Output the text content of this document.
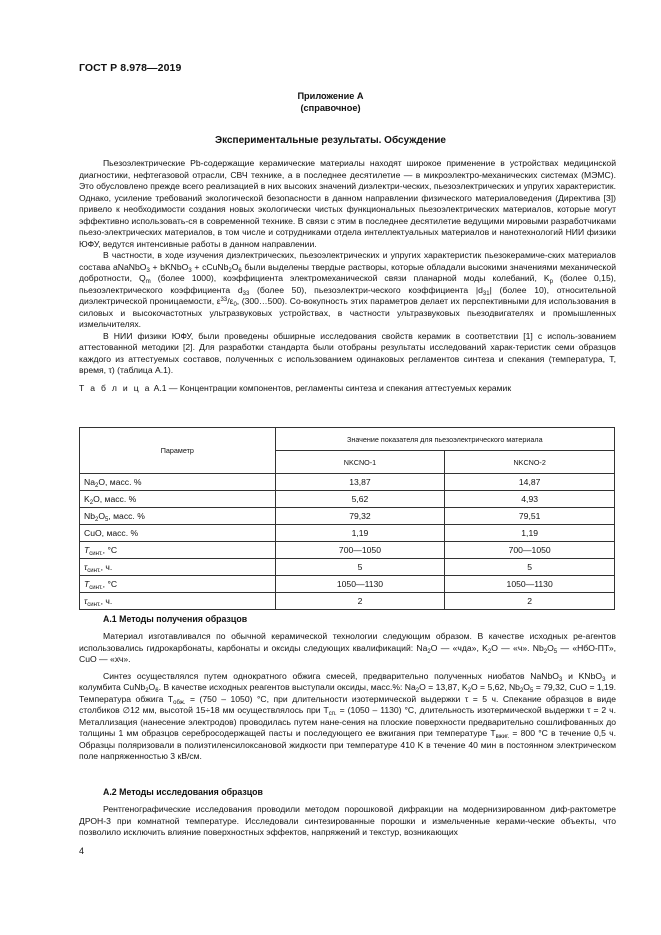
ГОСТ Р 8.978—2019
Приложение А
(справочное)
Экспериментальные результаты. Обсуждение

Пьезоэлектрические Pb-содержащие керамические материалы находят широкое применение в устройствах медицинской диагностики, нефтегазовой отрасли, СВЧ технике, а в последнее десятилетие — в микроэлектро-механических системах (МЭМС). Это обусловлено прежде всего реализацией в них высоких значений диэлектри-ческих, пьезоэлектрических и упругих характеристик. Однако, усиление требований экологической безопасности в данном направлении физического материаловедения (Директива [3]) привело к необходимости создания новых экологически чистых функциональных пьезоэлектрических материалов, которые могут эффективно использовать-ся в современной технике. В связи с этим в последнее десятилетие ведущими мировыми разработчиками пьезо-электрических материалов, в том числе и сотрудниками отдела интеллектуальных материалов и нанотехнологий НИИ физики ЮФУ, ведутся интенсивные работы в данном направлении.

В частности, в ходе изучения диэлектрических, пьезоэлектрических и упругих характеристик пьезокерамиче-ских материалов состава aNaNbO$_3$ + bKNbO$_3$ + $cCuNb_2O_6$ были выделены твердые растворы, которые обладали высокими значениями механической добротности, $Q_m$ (более 1000), коэффициента электромеханической связи планарной моды колебаний, $K_p$ (более 0,15), пьезоэлектрического коэффициента $d_{33}$ (более 50), пьезоэлектри-ческого коэффициента $|d_{31}|$ (более 10), относительной диэлектрической проницаемости, $\varepsilon^{33}/\varepsilon_0$, (300…500). Со-вокупность этих параметров делает их перспективными для использования в силовых и высокочастотных ультразвуковых устройствах, в частности ультразвуковых пьезодвигателях и промышленных измельчителях.

В НИИ физики ЮФУ, были проведены обширные исследования свойств керамик в соответствии [1] с исполь-зованием аттестованной методики [2]. Для разработки стандарта были отобраны результаты исследований харак-теристик семи образцов каждого из аттестуемых составов, полученных с использованием одинаковых регламентов синтеза и спекания (температура, T, время, τ) (таблица А.1).

Т а б л и ц а А.1 — Концентрации компонентов, регламенты синтеза и спекания аттестуемых керамик
Параметр	Значение показателя для пьезоэлектрического материала	
	NKCNO-1	NKCNO-2
$Na_2O$, масс. %	13,87	14,87
$K_2O$, масс. %	5,62	4,93
$Nb_2O_5$, масс. %	79,32	79,51
CuO, масс. %	1,19	1,19
$T_{синт.}$, °С	700—1050	700—1050
$\tau_{синт.}$, ч.	5	5
$T_{синт.}$, °С	1050—1130	1050—1130
$\tau_{синт.}$, ч.	2	2
А.1 Методы получения образцов

Материал изготавливался по обычной керамической технологии следующим образом. В качестве исходных ре-агентов использовались гидрокарбонаты, карбонаты и оксиды следующих квалификаций: $Na_2O$ — «чда», $K_2O$ — «ч». $Nb_2O_5$ — «НбО-ПТ», CuO — «хч».

Синтез осуществлялся путем однократного обжига смесей, предварительно полученных ниобатов NaNbO$_3$ и KNbO$_3$ и колумбита $CuNb_2O_6$. В качестве исходных реагентов выступали оксиды, масс.%: $Na_2O = 13,87$, $K_2O = 5,62$, $Nb_2O_5 = 79,32$, CuO = 1,19. Температура обжига $T_{обж.} = (750 - 1050)$ °C, при длительности изотермической выдержки τ = 5 ч. Спекание образцов в виде столбиков ∅12 мм, высотой 15÷18 мм осуществлялось при $T_{сп.} = (1050 - 1130)$ °C, длительность изотермической выдержки τ = 2 ч. Металлизация (нанесение электродов) проводилась путем нане-сения на плоские поверхности предварительно сошлифованных до толщины 1 мм образцов серебросодержащей пасты и последующего ее вжигания при температуре $T_{вжиг.} = 800$ °C в течение 0,5 ч. Образцы поляризовали в полиэтиленсилоксановой жидкости при температуре 410 K в течение 40 мин в постоянном электрическом поле напряженностью 3 кВ/см.

А.2 Методы исследования образцов

Рентгенографические исследования проводили методом порошковой дифракции на модернизированном диф-рактометре ДРОН-3 при комнатной температуре. Исследовали синтезированные порошки и измельченные керами-ческие объекты, что позволило исключить влияние поверхностных эффектов, напряжений и текстур, возникающих

4
